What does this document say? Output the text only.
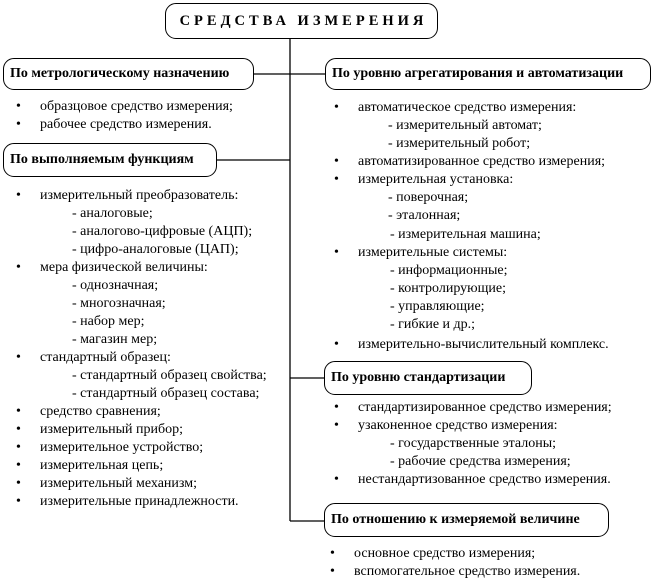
СРЕДСТВА ИЗМЕРЕНИЯ
По метрологическому назначению
По выполняемым функциям
По уровню агрегатирования и автоматизации
По уровню стандартизации
По отношению к измеряемой величине
• образцовое средство измерения;
• рабочее средство измерения.
• измерительный преобразователь:
- аналоговые;
- аналогово-цифровые (АЦП);
- цифро-аналоговые (ЦАП);
• мера физической величины:
- однозначная;
- многозначная;
- набор мер;
- магазин мер;
• стандартный образец:
- стандартный образец свойства;
- стандартный образец состава;
• средство сравнения;
• измерительный прибор;
• измерительное устройство;
• измерительная цепь;
• измерительный механизм;
• измерительные принадлежности.
• автоматическое средство измерения:
- измерительный автомат;
- измерительный робот;
• автоматизированное средство измерения;
• измерительная установка:
- поверочная;
- эталонная;
- измерительная машина;
• измерительные системы:
- информационные;
- контролирующие;
- управляющие;
- гибкие и др.;
• измерительно-вычислительный комплекс.
• стандартизированное средство измерения;
• узаконенное средство измерения:
- государственные эталоны;
- рабочие средства измерения;
• нестандартизованное средство измерения.
• основное средство измерения;
• вспомогательное средство измерения.
